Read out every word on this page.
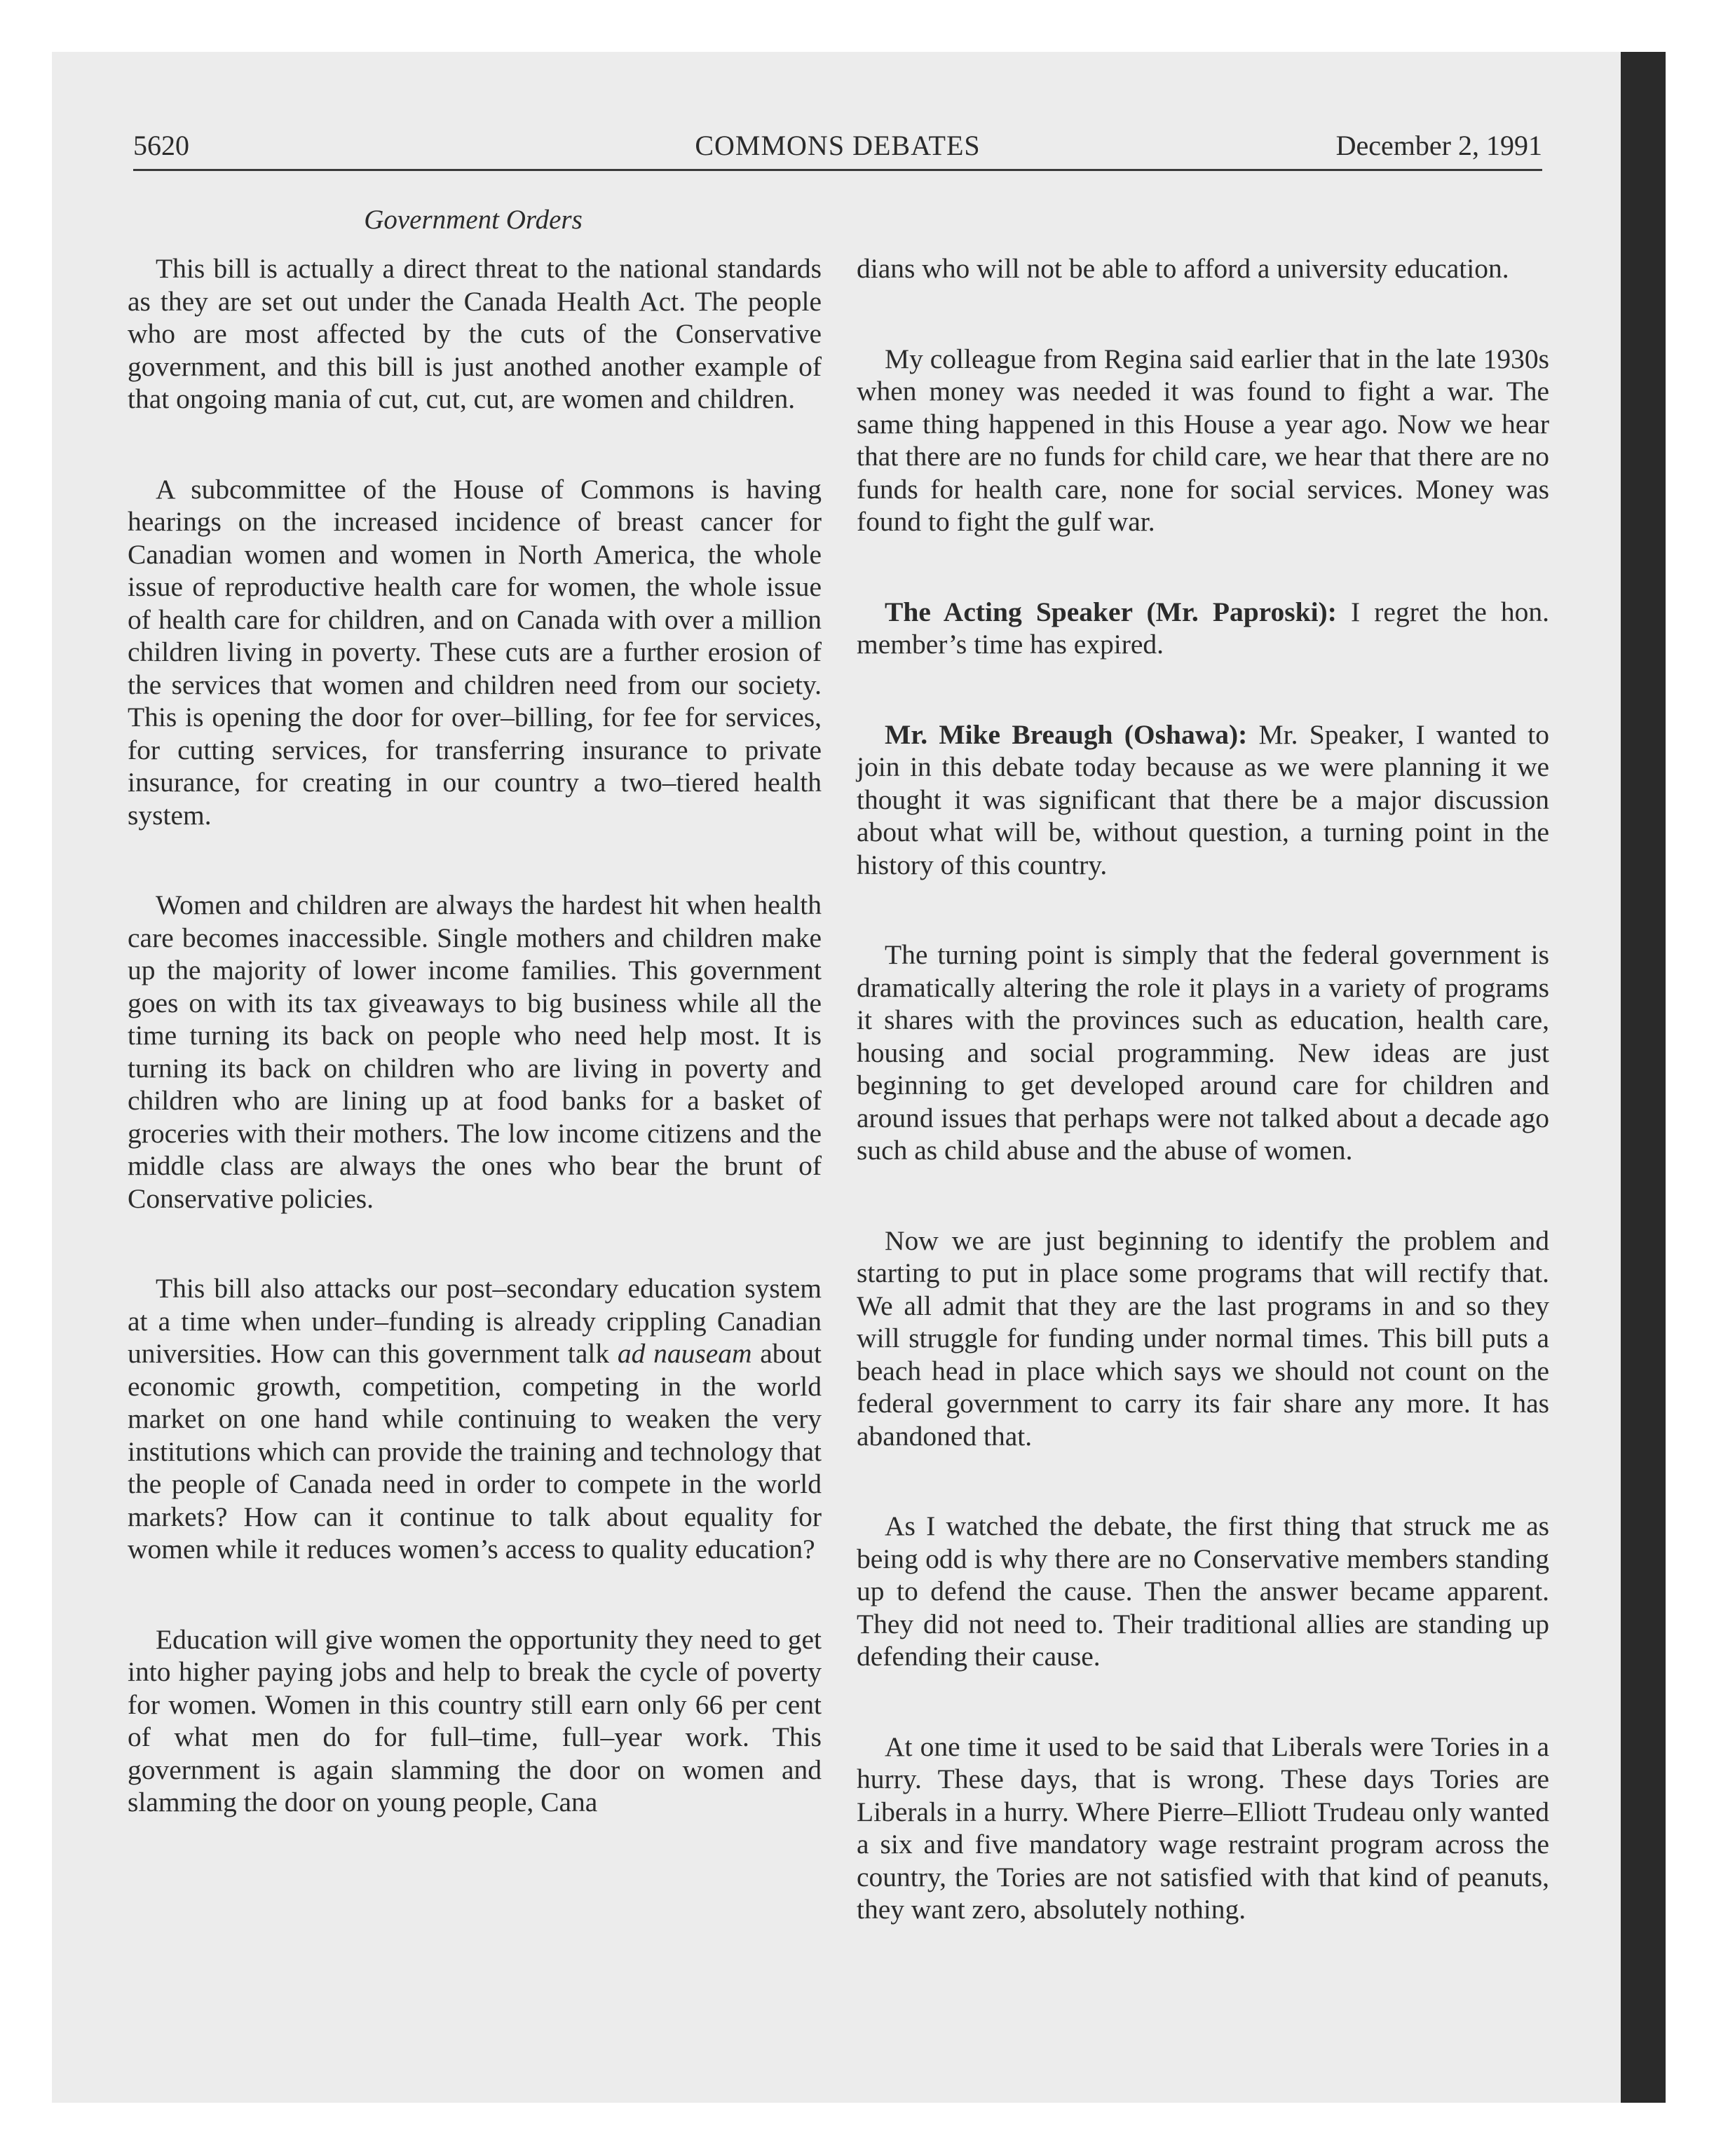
5620	COMMONS DEBATES	December 2, 1991
Government Orders

This bill is actually a direct threat to the national standards as they are set out under the Canada Health Act. The people who are most affected by the cuts of the Conservative government, and this bill is just anothed another example of that ongoing mania of cut, cut, cut, are women and children.

A subcommittee of the House of Commons is having hearings on the increased incidence of breast cancer for Canadian women and women in North America, the whole issue of reproductive health care for women, the whole issue of health care for children, and on Canada with over a million children living in poverty. These cuts are a further erosion of the services that women and children need from our society. This is opening the door for over–billing, for fee for services, for cutting services, for transferring insurance to private insurance, for creating in our country a two–tiered health system.

Women and children are always the hardest hit when health care becomes inaccessible. Single mothers and children make up the majority of lower income families. This government goes on with its tax giveaways to big business while all the time turning its back on people who need help most. It is turning its back on children who are living in poverty and children who are lining up at food banks for a basket of groceries with their mothers. The low income citizens and the middle class are always the ones who bear the brunt of Conservative policies.

This bill also attacks our post–secondary education system at a time when under–funding is already crippling Canadian universities. How can this government talk ad nauseam about economic growth, competition, competing in the world market on one hand while continuing to weaken the very institutions which can provide the training and technology that the people of Canada need in order to compete in the world markets? How can it continue to talk about equality for women while it reduces women’s access to quality education?

Education will give women the opportunity they need to get into higher paying jobs and help to break the cycle of poverty for women. Women in this country still earn only 66 per cent of what men do for full–time, full–year work. This government is again slamming the door on women and slamming the door on young people, Cana

dians who will not be able to afford a university education.

My colleague from Regina said earlier that in the late 1930s when money was needed it was found to fight a war. The same thing happened in this House a year ago. Now we hear that there are no funds for child care, we hear that there are no funds for health care, none for social services. Money was found to fight the gulf war.

The Acting Speaker (Mr. Paproski): I regret the hon. member’s time has expired.

Mr. Mike Breaugh (Oshawa): Mr. Speaker, I wanted to join in this debate today because as we were planning it we thought it was significant that there be a major discussion about what will be, without question, a turning point in the history of this country.

The turning point is simply that the federal government is dramatically altering the role it plays in a variety of programs it shares with the provinces such as education, health care, housing and social programming. New ideas are just beginning to get developed around care for children and around issues that perhaps were not talked about a decade ago such as child abuse and the abuse of women.

Now we are just beginning to identify the problem and starting to put in place some programs that will rectify that. We all admit that they are the last programs in and so they will struggle for funding under normal times. This bill puts a beach head in place which says we should not count on the federal government to carry its fair share any more. It has abandoned that.

As I watched the debate, the first thing that struck me as being odd is why there are no Conservative members standing up to defend the cause. Then the answer became apparent. They did not need to. Their traditional allies are standing up defending their cause.

At one time it used to be said that Liberals were Tories in a hurry. These days, that is wrong. These days Tories are Liberals in a hurry. Where Pierre–Elliott Trudeau only wanted a six and five mandatory wage restraint program across the country, the Tories are not satisfied with that kind of peanuts, they want zero, absolutely nothing.
